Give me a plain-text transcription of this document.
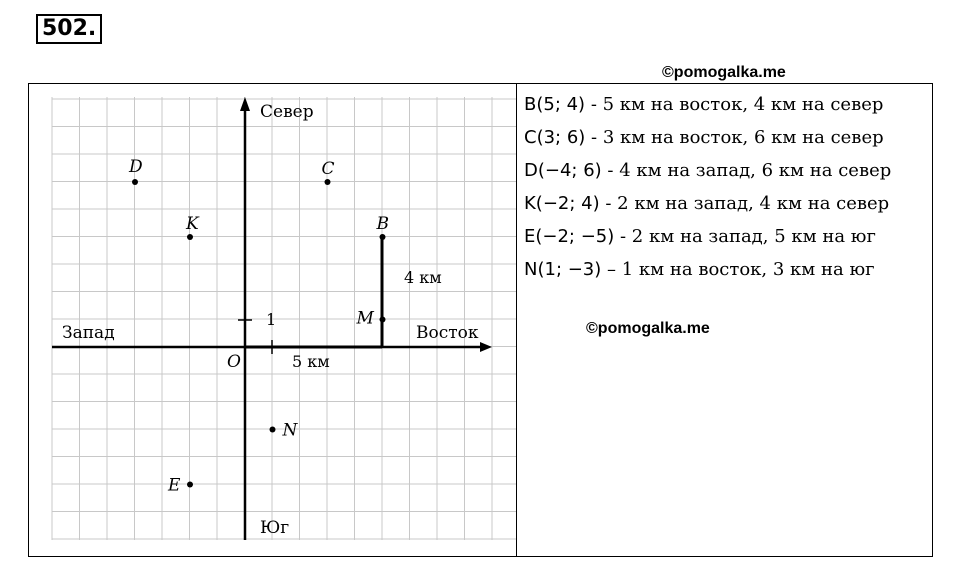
502.
©pomogalka.me
Север
Юг
Запад	Восток
O
1
5 км
4 км
B
C
D
K
E
N
M
B(5; 4) - 5 км на восток, 4 км на север
C(3; 6) - 3 км на восток, 6 км на север
D(−4; 6) - 4 км на запад, 6 км на север
K(−2; 4) - 2 км на запад, 4 км на север
E(−2; −5) - 2 км на запад, 5 км на юг
N(1; −3) – 1 км на восток, 3 км на юг
©pomogalka.me
